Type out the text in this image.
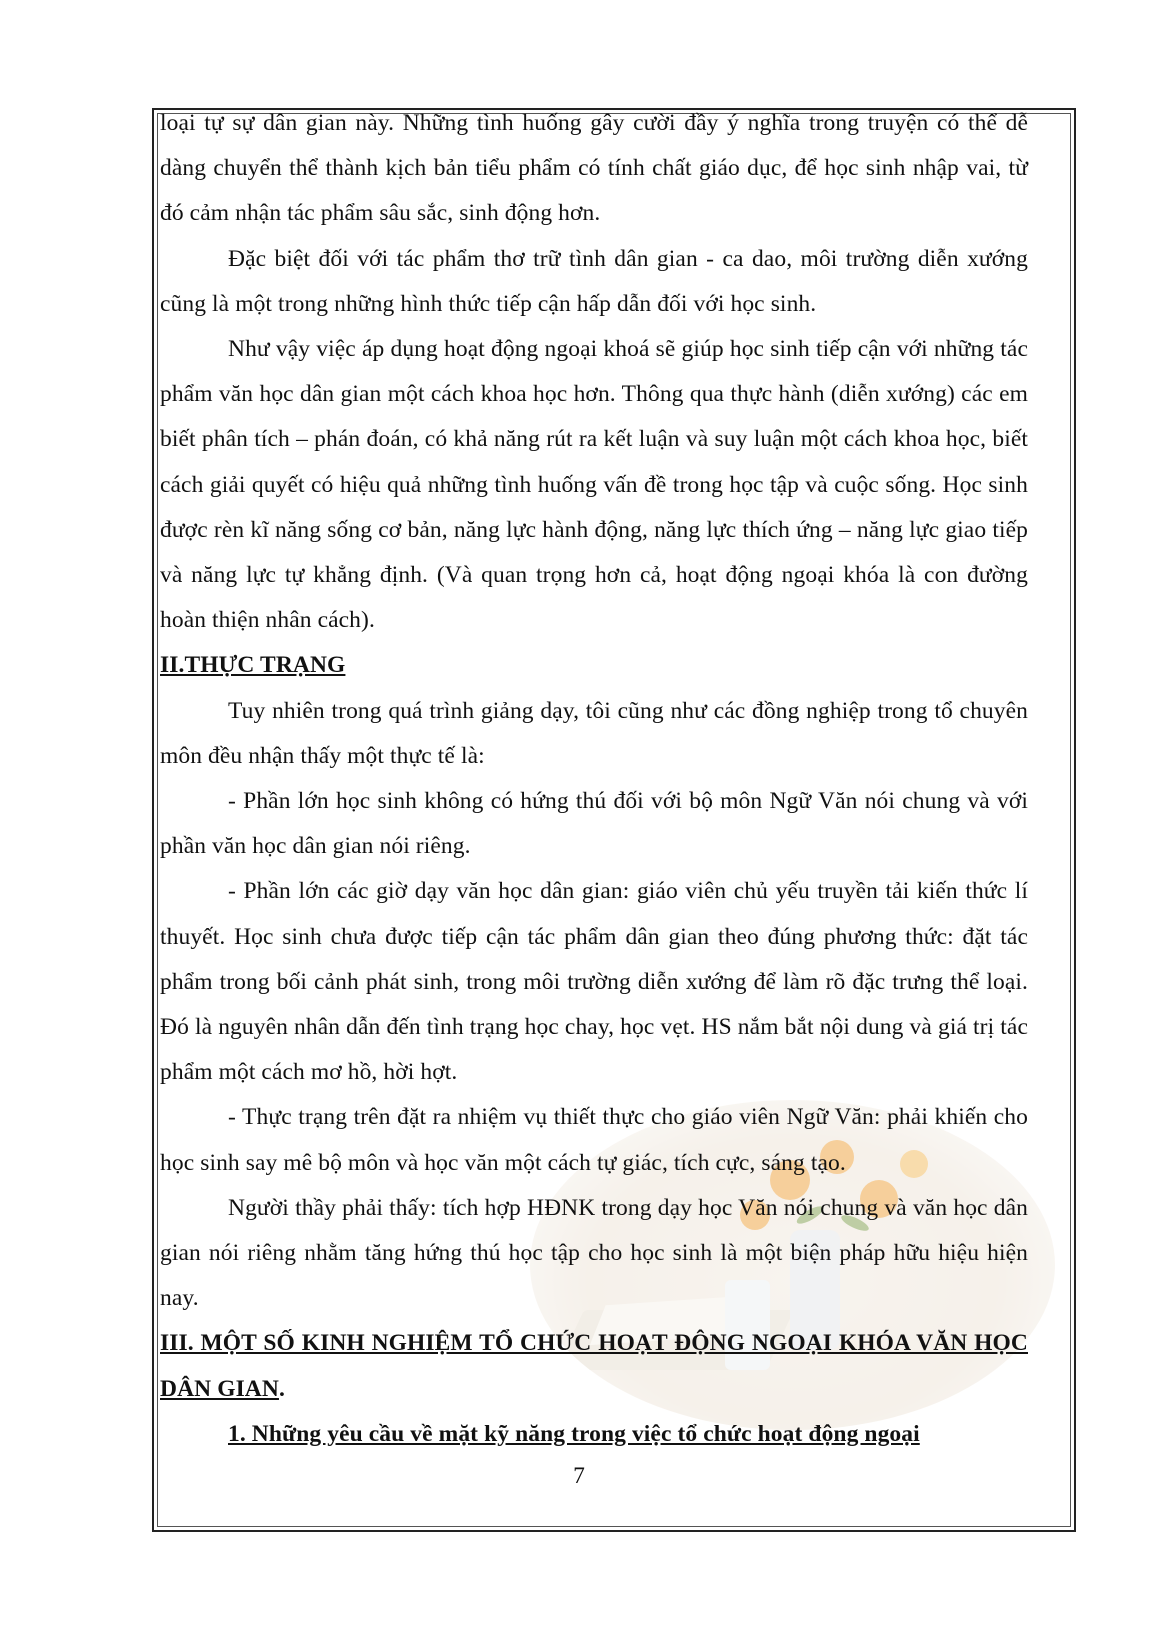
loại tự sự dân gian này. Những tình huống gây cười đầy ý nghĩa trong truyện có thể dễ dàng chuyển thể thành kịch bản tiểu phẩm có tính chất giáo dục, để học sinh nhập vai, từ đó cảm nhận tác phẩm sâu sắc, sinh động hơn.

Đặc biệt đối với tác phẩm thơ trữ tình dân gian - ca dao, môi trường diễn xướng cũng là một trong những hình thức tiếp cận hấp dẫn đối với học sinh.

Như vậy việc áp dụng hoạt động ngoại khoá sẽ giúp học sinh tiếp cận với những tác phẩm văn học dân gian một cách khoa học hơn. Thông qua thực hành (diễn xướng) các em biết phân tích – phán đoán, có khả năng rút ra kết luận và suy luận một cách khoa học, biết cách giải quyết có hiệu quả những tình huống vấn đề trong học tập và cuộc sống. Học sinh được rèn kĩ năng sống cơ bản, năng lực hành động, năng lực thích ứng – năng lực giao tiếp và năng lực tự khẳng định. (Và quan trọng hơn cả, hoạt động ngoại khóa là con đường hoàn thiện nhân cách).

II.THỰC TRẠNG

Tuy nhiên trong quá trình giảng dạy, tôi cũng như các đồng nghiệp trong tổ chuyên môn đều nhận thấy một thực tế là:

- Phần lớn học sinh không có hứng thú đối với bộ môn Ngữ Văn nói chung và với phần văn học dân gian nói riêng.

- Phần lớn các giờ dạy văn học dân gian: giáo viên chủ yếu truyền tải kiến thức lí thuyết. Học sinh chưa được tiếp cận tác phẩm dân gian theo đúng phương thức: đặt tác phẩm trong bối cảnh phát sinh, trong môi trường diễn xướng để làm rõ đặc trưng thể loại. Đó là nguyên nhân dẫn đến tình trạng học chay, học vẹt. HS nắm bắt nội dung và giá trị tác phẩm một cách mơ hồ, hời hợt.

- Thực trạng trên đặt ra nhiệm vụ thiết thực cho giáo viên Ngữ Văn: phải khiến cho học sinh say mê bộ môn và học văn một cách tự giác, tích cực, sáng tạo.

Người thầy phải thấy: tích hợp HĐNK trong dạy học Văn nói chung và văn học dân gian nói riêng nhằm tăng hứng thú học tập cho học sinh là một biện pháp hữu hiệu hiện nay.

III. MỘT SỐ KINH NGHIỆM TỔ CHỨC HOẠT ĐỘNG NGOẠI KHÓA VĂN HỌC DÂN GIAN.

1. Những yêu cầu về mặt kỹ năng trong việc tổ chức hoạt động ngoại

7
